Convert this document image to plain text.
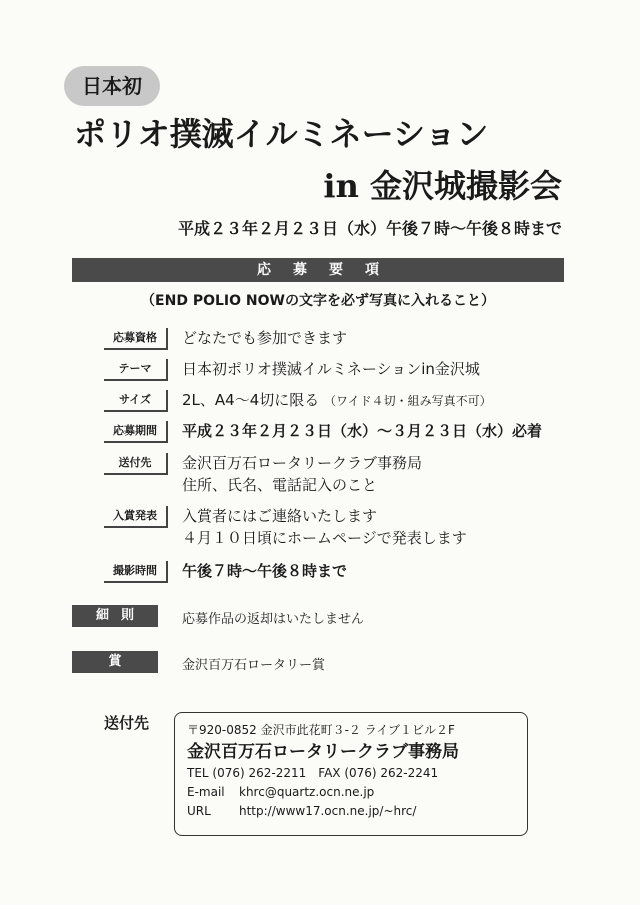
日本初
ポリオ撲滅イルミネーション
in 金沢城撮影会
平成２３年２月２３日（水）午後７時～午後８時まで
応募要項
（END POLIO NOWの文字を必ず写真に入れること）
応募資格	どなたでも参加できます
テーマ	日本初ポリオ撲滅イルミネーションin金沢城
サイズ	2L、A4～4切に限る （ワイド４切・組み写真不可）
応募期間	平成２３年２月２３日（水）～３月２３日（水）必着
送付先	金沢百万石ロータリークラブ事務局
住所、氏名、電話記入のこと
入賞発表	入賞者にはご連絡いたします
４月１０日頃にホームページで発表します
撮影時間	午後７時～午後８時まで
細則	応募作品の返却はいたしません
賞	金沢百万石ロータリー賞
送付先	〒920-0852 金沢市此花町３-２ ライブ１ビル２F
金沢百万石ロータリークラブ事務局
TEL (076) 262-2211　FAX (076) 262-2241
E-mail khrc@quartz.ocn.ne.jp
URL http://www17.ocn.ne.jp/~hrc/
